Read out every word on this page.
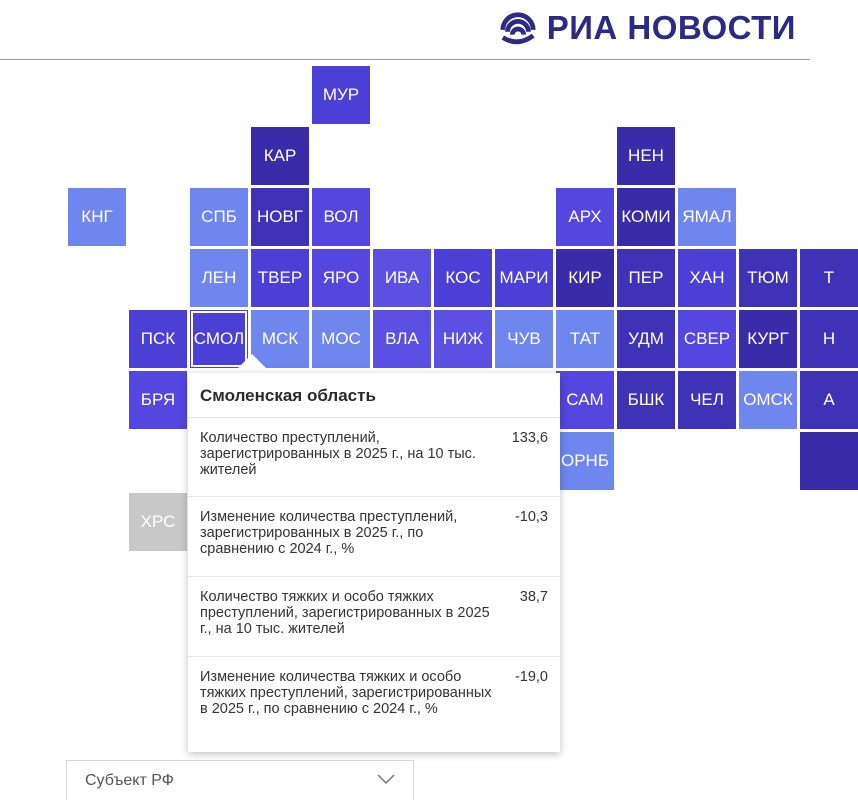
РИА НОВОСТИ
МУР
КАР	НЕН
КНГ	СПБ	НОВГ	ВОЛ	АРХ	КОМИ ЯМАЛ
ЛЕН	ТВЕР	ЯРО	ИВА	КОС	МАРИ	КИР	ПЕР	ХАН	ТЮМ
ПСК	СМОЛ	МСК	МОС	ВЛА	НИЖ	ЧУВ	ТАТ	УДМ	СВЕР	КУРГ
БРЯ	САМ	БШК	ЧЕЛ	ОМСК
ОРНБ
ХРС
Н
А
Т
Смоленская область
Количество преступлений, зарегистрированных в 2025 г., на 10 тыс. жителей
133,6
Изменение количества преступлений, зарегистрированных в 2025 г., по сравнению с 2024 г., %
-10,3
Количество тяжких и особо тяжких преступлений, зарегистрированных в 2025 г., на 10 тыс. жителей
38,7
Изменение количества тяжких и особо тяжких преступлений, зарегистрированных в 2025 г., по сравнению с 2024 г., %
-19,0
Субъект РФ
